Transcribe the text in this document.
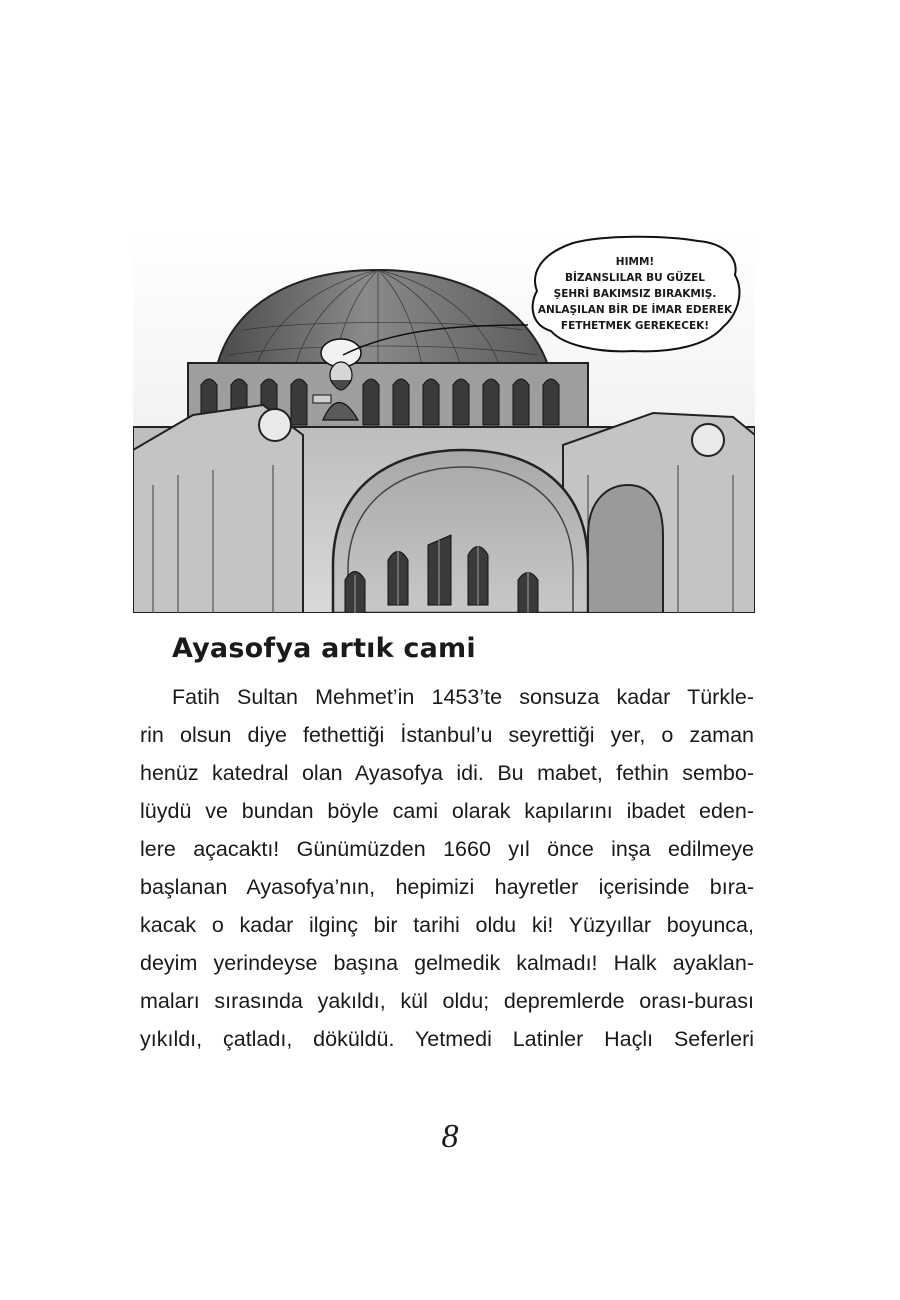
HIMM!
BİZANSLILAR BU GÜZEL
ŞEHRİ BAKIMSIZ BIRAKMIŞ.
ANLAŞILAN BİR DE İMAR EDEREK
FETHETMEK GEREKECEK!
Ayasofya artık cami
Fatih Sultan Mehmet’in 1453’te sonsuza kadar Türkle-
rin olsun diye fethettiği İstanbul’u seyrettiği yer, o zaman
henüz katedral olan Ayasofya idi. Bu mabet, fethin sembo-
lüydü ve bundan böyle cami olarak kapılarını ibadet eden-
lere açacaktı! Günümüzden 1660 yıl önce inşa edilmeye
başlanan Ayasofya’nın, hepimizi hayretler içerisinde bıra-
kacak o kadar ilginç bir tarihi oldu ki! Yüzyıllar boyunca,
deyim yerindeyse başına gelmedik kalmadı! Halk ayaklan-
maları sırasında yakıldı, kül oldu; depremlerde orası-burası
yıkıldı, çatladı, döküldü. Yetmedi Latinler Haçlı Seferleri
8
